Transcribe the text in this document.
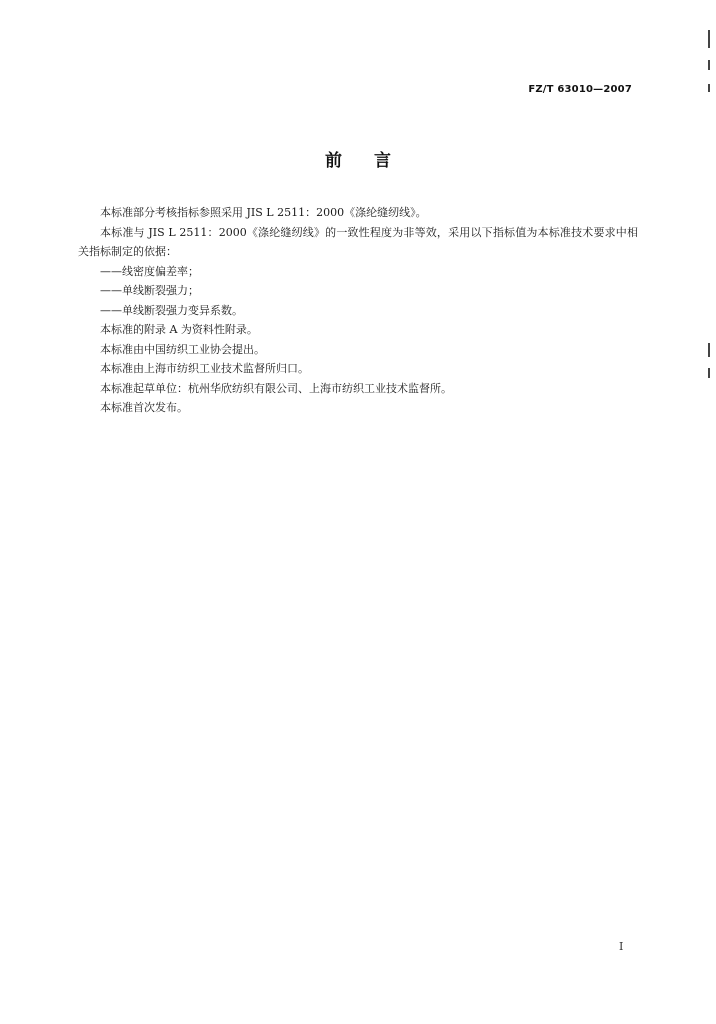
FZ/T 63010—2007
前言

本标准部分考核指标参照采用 JIS L 2511：2000《涤纶缝纫线》。

本标准与 JIS L 2511：2000《涤纶缝纫线》的一致性程度为非等效，采用以下指标值为本标准技术要求中相关指标制定的依据：

——线密度偏差率；

——单线断裂强力；

——单线断裂强力变异系数。

本标准的附录 A 为资料性附录。

本标准由中国纺织工业协会提出。

本标准由上海市纺织工业技术监督所归口。

本标准起草单位：杭州华欣纺织有限公司、上海市纺织工业技术监督所。

本标准首次发布。

I
